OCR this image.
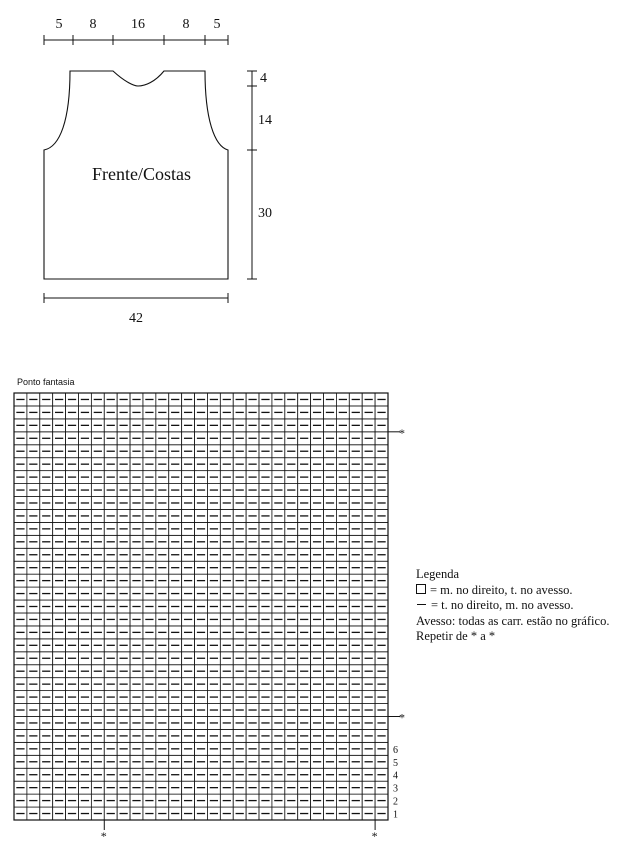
5 8 16	8 5
Frente/Costas
4
14
30
42
Ponto fantasia
1
2
3
4
5
6
*
*
*	*
Legenda
= m. no direito, t. no avesso.
= t. no direito, m. no avesso.
Avesso: todas as carr. estão no gráfico.
Repetir de * a *
